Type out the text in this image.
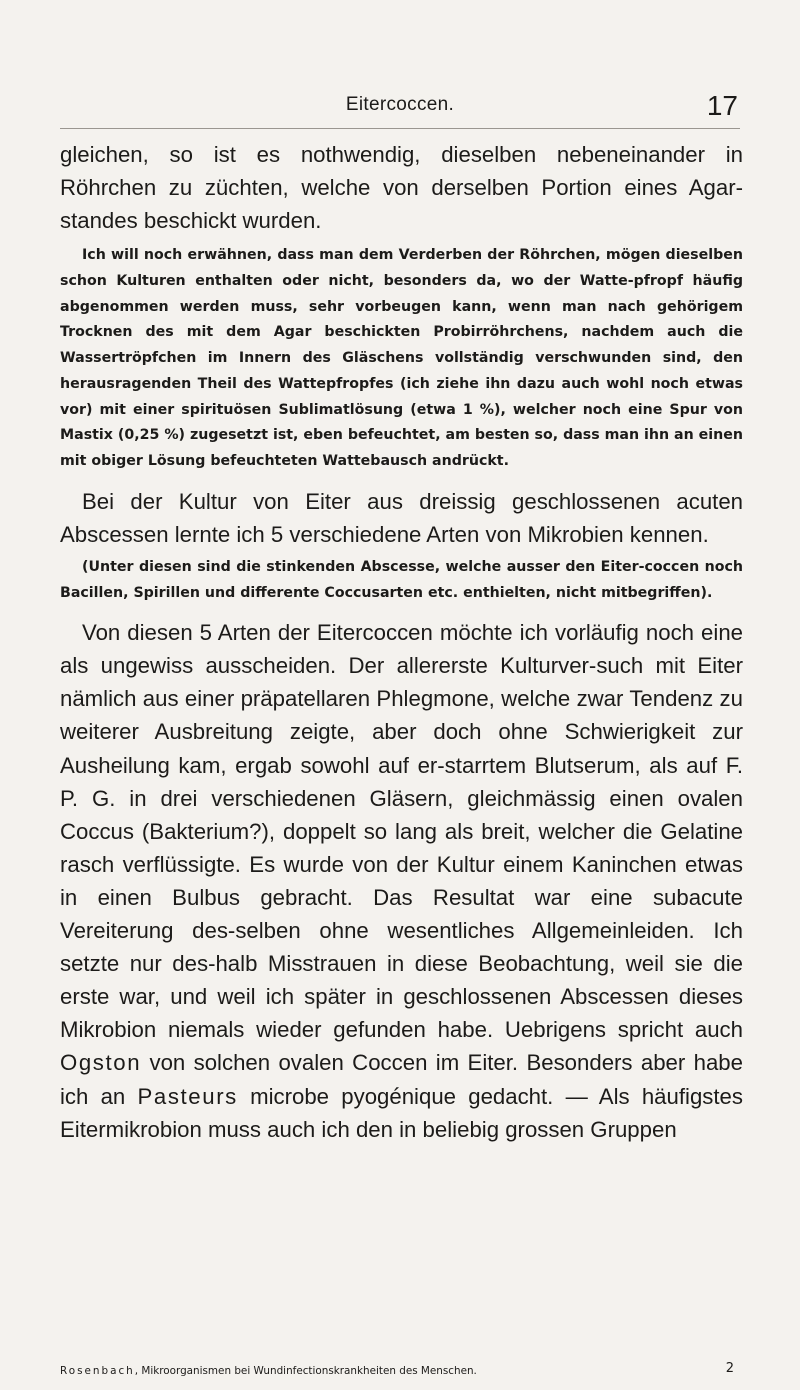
Eitercoccen.	17

gleichen, so ist es nothwendig, dieselben nebeneinander in Röhrchen zu züchten, welche von derselben Portion eines Agar-standes beschickt wurden.

Ich will noch erwähnen, dass man dem Verderben der Röhrchen, mögen dieselben schon Kulturen enthalten oder nicht, besonders da, wo der Watte-pfropf häufig abgenommen werden muss, sehr vorbeugen kann, wenn man nach gehörigem Trocknen des mit dem Agar beschickten Probirröhrchens, nachdem auch die Wassertröpfchen im Innern des Gläschens vollständig verschwunden sind, den herausragenden Theil des Wattepfropfes (ich ziehe ihn dazu auch wohl noch etwas vor) mit einer spirituösen Sublimatlösung (etwa 1 %), welcher noch eine Spur von Mastix (0,25 %) zugesetzt ist, eben befeuchtet, am besten so, dass man ihn an einen mit obiger Lösung befeuchteten Wattebausch andrückt.

Bei der Kultur von Eiter aus dreissig geschlossenen acuten Abscessen lernte ich 5 verschiedene Arten von Mikrobien kennen.

(Unter diesen sind die stinkenden Abscesse, welche ausser den Eiter-coccen noch Bacillen, Spirillen und differente Coccusarten etc. enthielten, nicht mitbegriffen).

Von diesen 5 Arten der Eitercoccen möchte ich vorläufig noch eine als ungewiss ausscheiden. Der allererste Kulturver-such mit Eiter nämlich aus einer präpatellaren Phlegmone, welche zwar Tendenz zu weiterer Ausbreitung zeigte, aber doch ohne Schwierigkeit zur Ausheilung kam, ergab sowohl auf er-starrtem Blutserum, als auf F. P. G. in drei verschiedenen Gläsern, gleichmässig einen ovalen Coccus (Bakterium?), doppelt so lang als breit, welcher die Gelatine rasch verflüssigte. Es wurde von der Kultur einem Kaninchen etwas in einen Bulbus gebracht. Das Resultat war eine subacute Vereiterung des-selben ohne wesentliches Allgemeinleiden. Ich setzte nur des-halb Misstrauen in diese Beobachtung, weil sie die erste war, und weil ich später in geschlossenen Abscessen dieses Mikrobion niemals wieder gefunden habe. Uebrigens spricht auch Ogston von solchen ovalen Coccen im Eiter. Besonders aber habe ich an Pasteurs microbe pyogénique gedacht. — Als häufigstes Eitermikrobion muss auch ich den in beliebig grossen Gruppen

Rosenbach, Mikroorganismen bei Wundinfectionskrankheiten des Menschen.	2
